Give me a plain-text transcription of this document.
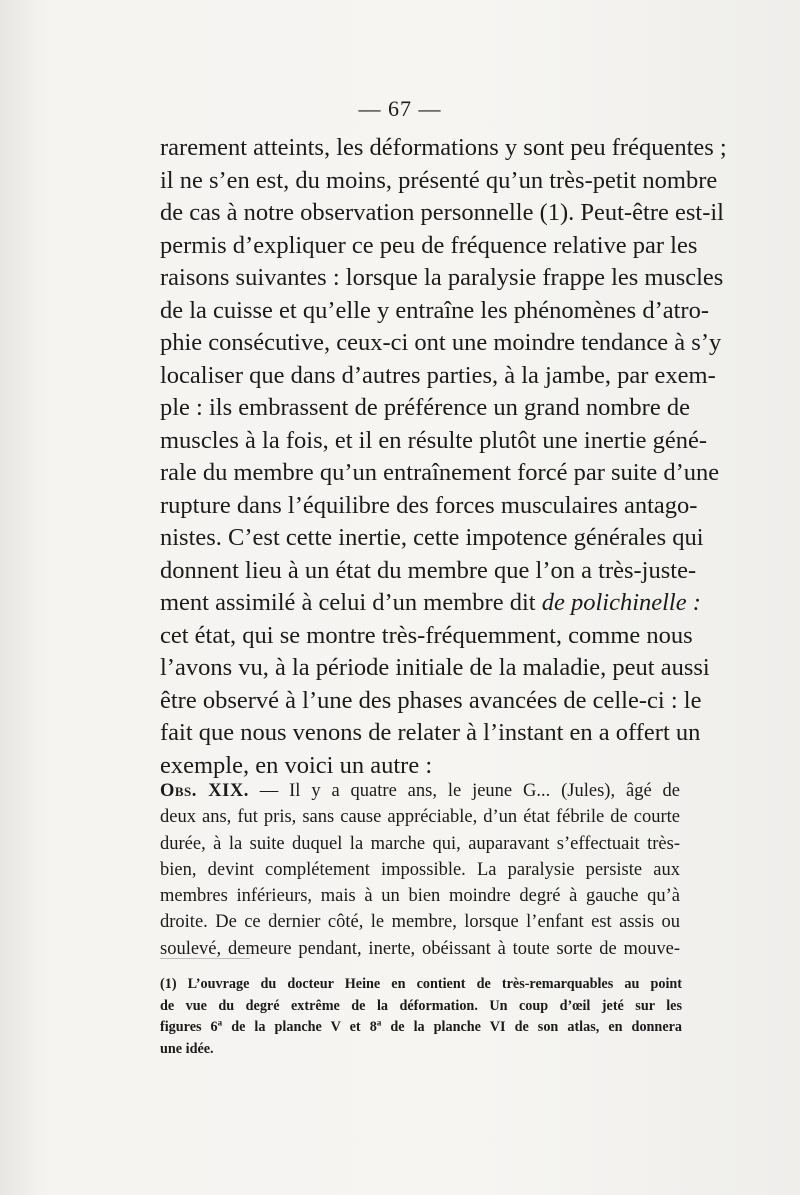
— 67 —
rarement atteints, les déformations y sont peu fréquentes ;
il ne s’en est, du moins, présenté qu’un très-petit nombre
de cas à notre observation personnelle (1). Peut-être est-il
permis d’expliquer ce peu de fréquence relative par les
raisons suivantes : lorsque la paralysie frappe les muscles
de la cuisse et qu’elle y entraîne les phénomènes d’atro-
phie consécutive, ceux-ci ont une moindre tendance à s’y
localiser que dans d’autres parties, à la jambe, par exem-
ple : ils embrassent de préférence un grand nombre de
muscles à la fois, et il en résulte plutôt une inertie géné-
rale du membre qu’un entraînement forcé par suite d’une
rupture dans l’équilibre des forces musculaires antago-
nistes. C’est cette inertie, cette impotence générales qui
donnent lieu à un état du membre que l’on a très-juste-
ment assimilé à celui d’un membre dit de polichinelle :
cet état, qui se montre très-fréquemment, comme nous
l’avons vu, à la période initiale de la maladie, peut aussi
être observé à l’une des phases avancées de celle-ci : le
fait que nous venons de relater à l’instant en a offert un
exemple, en voici un autre :
Obs. XIX. — Il y a quatre ans, le jeune G... (Jules), âgé de
deux ans, fut pris, sans cause appréciable, d’un état fébrile de courte
durée, à la suite duquel la marche qui, auparavant s’effectuait très-
bien, devint complétement impossible. La paralysie persiste aux
membres inférieurs, mais à un bien moindre degré à gauche qu’à
droite. De ce dernier côté, le membre, lorsque l’enfant est assis ou
soulevé, demeure pendant, inerte, obéissant à toute sorte de mouve-
(1) L’ouvrage du docteur Heine en contient de très-remarquables au point
de vue du degré extrême de la déformation. Un coup d’œil jeté sur les
figures 6$^a$ de la planche V et 8$^a$ de la planche VI de son atlas, en donnera
une idée.
